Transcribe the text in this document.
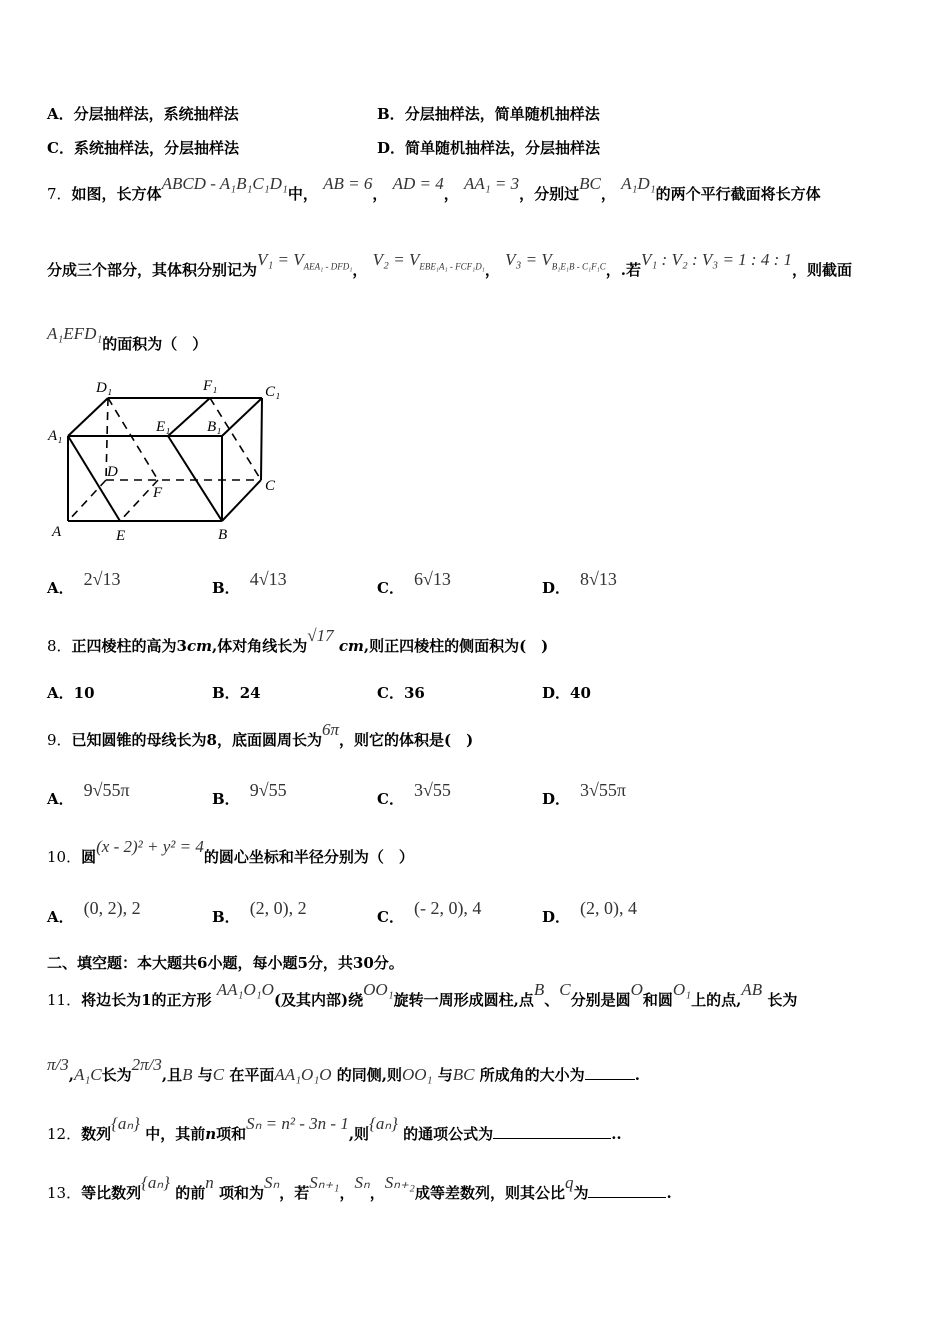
A．分层抽样法，系统抽样法	B．分层抽样法，简单随机抽样法
C．系统抽样法，分层抽样法	D．简单随机抽样法，分层抽样法
7．如图，长方体ABCD - A₁B₁C₁D₁中， AB = 6， AD = 4， AA₁ = 3，分别过BC， A₁D₁的两个平行截面将长方体
分成三个部分，其体积分别记为$V_1 = V_{AEA_1 - DFD_1}$， $V_2 = V_{EBE_1A_1 - FCF_1D_1}$， $V_3 = V_{B_1E_1B - C_1F_1C}$，.若V₁ : V₂ : V₃ = 1 : 4 : 1，则截面
A₁EFD₁的面积为（　）
D₁	F₁	C₁
A₁
E₁ B₁
D
F	C
A	E	B
A． 2√13	B． 4√13	C． 6√13	D． 8√13
8．正四棱柱的高为3cm,体对角线长为√17 cm,则正四棱柱的侧面积为(　)
A．10	B．24	C．36	D．40
9．已知圆锥的母线长为8，底面圆周长为6π，则它的体积是(　)
A． 9√55π	B． 9√55	C． 3√55	D． 3√55π
10．圆(x - 2)² + y² = 4的圆心坐标和半径分别为（　）
A． (0, 2), 2	B． (2, 0), 2	C． (- 2, 0), 4	D． (2, 0), 4
二、填空题：本大题共6小题，每小题5分，共30分。
11．将边长为1的正方形 AA₁O₁O(及其内部)绕OO₁旋转一周形成圆柱,点B、C分别是圆O和圆O₁上的点,AB 长为
π/3,A₁C长为2π/3,且B 与C 在平面AA₁O₁O 的同侧,则OO₁ 与BC 所成角的大小为	.
12．数列{aₙ} 中，其前n项和Sₙ = n² - 3n - 1,则{aₙ} 的通项公式为	..
13．等比数列{aₙ} 的前n 项和为Sₙ，若Sₙ₊₁，Sₙ，Sₙ₊₂成等差数列，则其公比q为	.
